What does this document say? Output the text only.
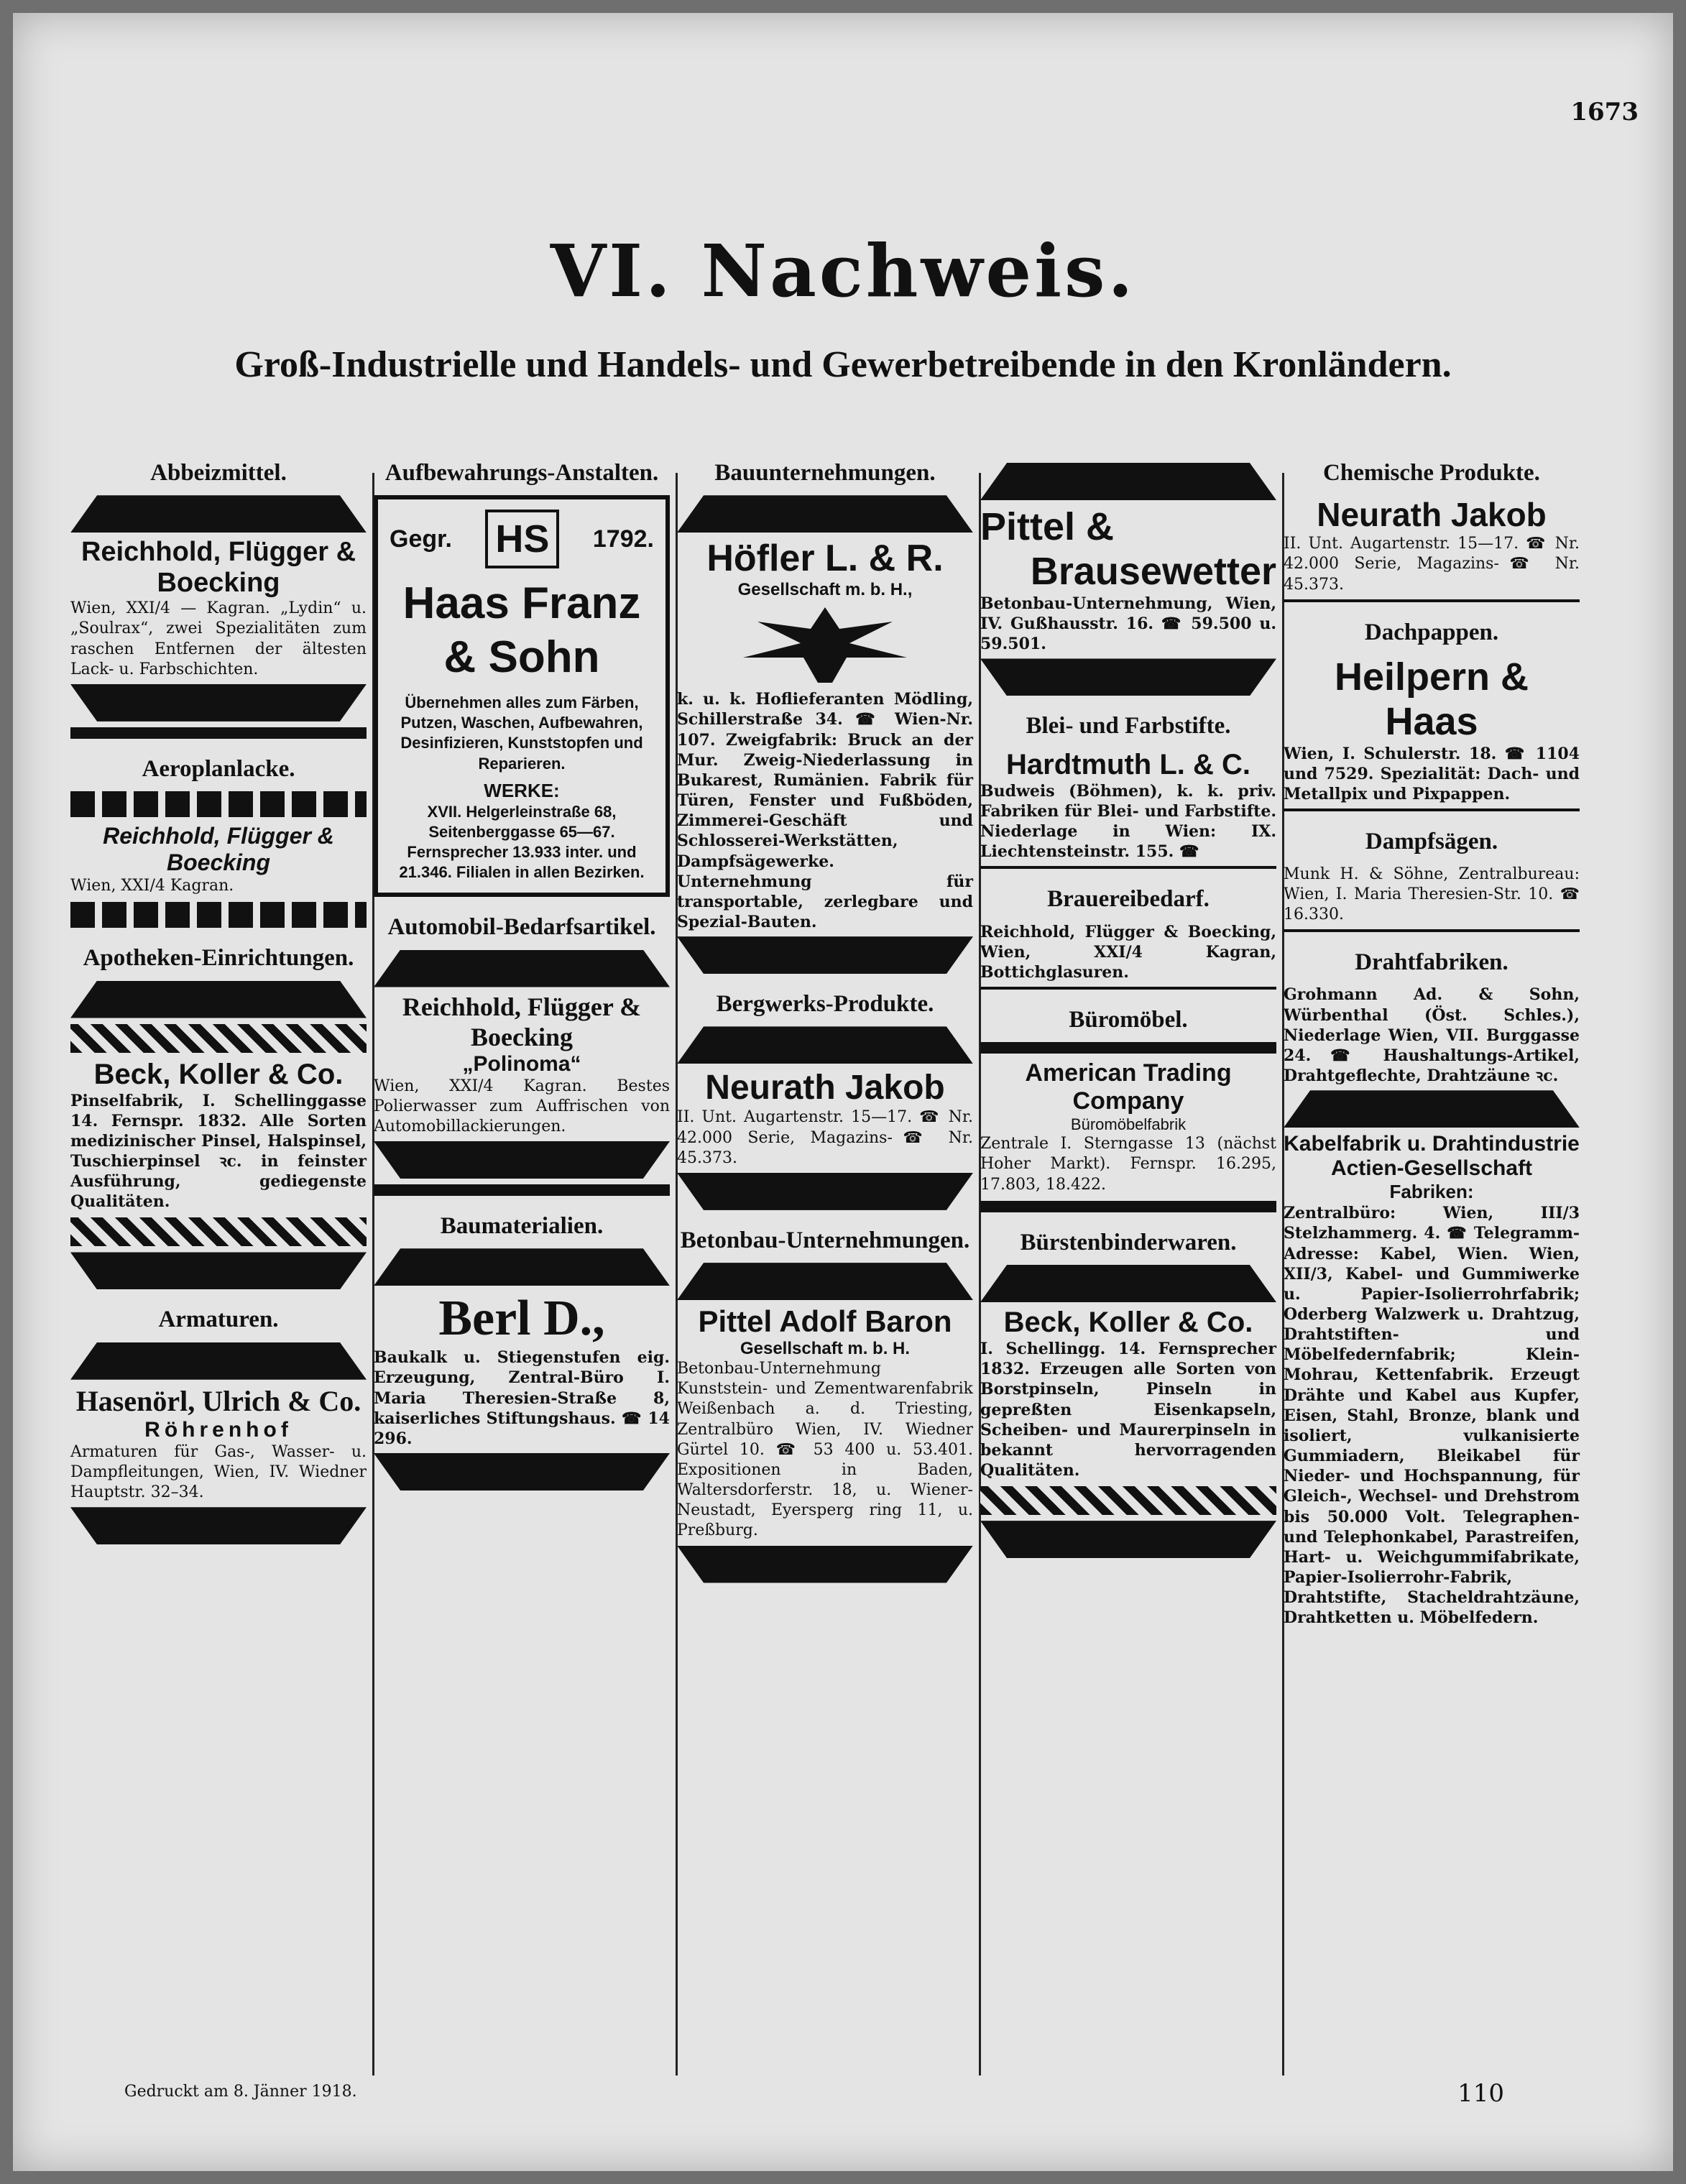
1673
VI. Nachweis.
Groß-Industrielle und Handels- und Gewerbetreibende in den Kronländern.
Abbeizmittel.
Reichhold, Flügger & Boecking
Wien, XXI/4 — Kagran. „Lydin“ u. „Soulrax“, zwei Spezialitäten zum raschen Entfernen der ältesten Lack- u. Farbschichten.
Aeroplanlacke.
Reichhold, Flügger & Boecking
Wien, XXI/4 Kagran.
Apotheken-Einrichtungen.
Beck, Koller & Co.
Pinselfabrik, I. Schellinggasse 14. Fernspr. 1832. Alle Sorten medizinischer Pinsel, Halspinsel, Tuschierpinsel ꝛc. in feinster Ausführung, gediegenste Qualitäten.
Armaturen.
Hasenörl, Ulrich & Co.
Röhrenhof
Armaturen für Gas-, Wasser- u. Dampfleitungen, Wien, IV. Wiedner Hauptstr. 32–34.
Aufbewahrungs-Anstalten.
Gegr. HS	1792.
Haas Franz & Sohn
Übernehmen alles zum Färben, Putzen, Waschen, Aufbewahren, Desinfizieren, Kunststopfen und Reparieren.
WERKE:
XVII. Helgerleinstraße 68, Seitenberggasse 65—67. Fernsprecher 13.933 inter. und 21.346. Filialen in allen Bezirken.
Automobil-Bedarfsartikel.
Reichhold, Flügger & Boecking
„Polinoma“
Wien, XXI/4 Kagran. Bestes Polierwasser zum Auffrischen von Automobillackierungen.
Baumaterialien.
Berl D.,
Baukalk u. Stiegenstufen eig. Erzeugung, Zentral-Büro I. Maria Theresien-Straße 8, kaiserliches Stiftungshaus. ☎ 14 296.
Bauunternehmungen.
Höfler L. & R.
Gesellschaft m. b. H.,
k. u. k. Hoflieferanten Mödling, Schillerstraße 34. ☎ Wien-Nr. 107. Zweigfabrik: Bruck an der Mur. Zweig-Niederlassung in Bukarest, Rumänien. Fabrik für Türen, Fenster und Fußböden, Zimmerei-Geschäft und Schlosserei-Werkstätten, Dampfsägewerke. Unternehmung für transportable, zerlegbare und Spezial-Bauten.
Bergwerks-Produkte.
Neurath Jakob
II. Unt. Augartenstr. 15—17. ☎ Nr. 42.000 Serie, Magazins-☎ Nr. 45.373.
Betonbau-Unternehmungen.
Pittel Adolf Baron
Gesellschaft m. b. H.
Betonbau-Unternehmung Kunststein- und Zementwarenfabrik Weißenbach a. d. Triesting, Zentralbüro Wien, IV. Wiedner Gürtel 10. ☎ 53 400 u. 53.401. Expositionen in Baden, Waltersdorferstr. 18, u. Wiener-Neustadt, Eyersperg ring 11, u. Preßburg.
Pittel &
Brausewetter
Betonbau-Unternehmung, Wien, IV. Gußhausstr. 16. ☎ 59.500 u. 59.501.
Blei- und Farbstifte.
Hardtmuth L. & C.
Budweis (Böhmen), k. k. priv. Fabriken für Blei- und Farbstifte. Niederlage in Wien: IX. Liechtensteinstr. 155. ☎
Brauereibedarf.
Reichhold, Flügger & Boecking, Wien, XXI/4 Kagran, Bottichglasuren.
Büromöbel.
American Trading Company
Büromöbelfabrik
Zentrale I. Sterngasse 13 (nächst Hoher Markt). Fernspr. 16.295, 17.803, 18.422.
Bürstenbinderwaren.
Beck, Koller & Co.
I. Schellingg. 14. Fernsprecher 1832. Erzeugen alle Sorten von Borstpinseln, Pinseln in gepreßten Eisenkapseln, Scheiben- und Maurerpinseln in bekannt hervorragenden Qualitäten.
Chemische Produkte.
Neurath Jakob
II. Unt. Augartenstr. 15—17. ☎ Nr. 42.000 Serie, Magazins-☎ Nr. 45.373.
Dachpappen.
Heilpern & Haas
Wien, I. Schulerstr. 18. ☎ 1104 und 7529. Spezialität: Dach- und Metallpix und Pixpappen.
Dampfsägen.
Munk H. & Söhne, Zentralbureau: Wien, I. Maria Theresien-Str. 10. ☎ 16.330.
Drahtfabriken.
Grohmann Ad. & Sohn, Würbenthal (Öst. Schles.), Niederlage Wien, VII. Burggasse 24. ☎ Haushaltungs-Artikel, Drahtgeflechte, Drahtzäune ꝛc.
Kabelfabrik u. Drahtindustrie Actien-Gesellschaft
Fabriken:
Zentralbüro: Wien, III/3 Stelzhammerg. 4. ☎ Telegramm-Adresse: Kabel, Wien. Wien, XII/3, Kabel- und Gummiwerke u. Papier-Isolierrohrfabrik; Oderberg Walzwerk u. Drahtzug, Drahtstiften- und Möbelfedernfabrik; Klein-Mohrau, Kettenfabrik. Erzeugt Drähte und Kabel aus Kupfer, Eisen, Stahl, Bronze, blank und isoliert, vulkanisierte Gummiadern, Bleikabel für Nieder- und Hochspannung, für Gleich-, Wechsel- und Drehstrom bis 50.000 Volt. Telegraphen- und Telephonkabel, Parastreifen, Hart- u. Weichgummifabrikate, Papier-Isolierrohr-Fabrik, Drahtstifte, Stacheldrahtzäune, Drahtketten u. Möbelfedern.
Gedruckt am 8. Jänner 1918.	110
